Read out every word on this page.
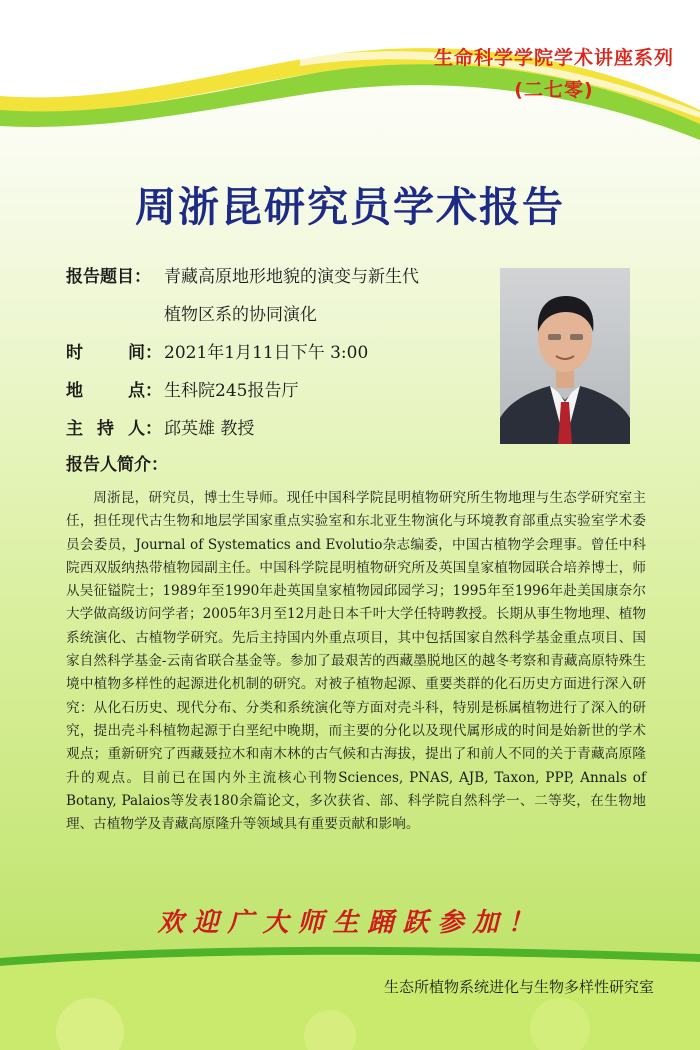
生命科学学院学术讲座系列
(二七零)
周浙昆研究员学术报告
报告题目： 青藏高原地形地貌的演变与新生代
植物区系的协同演化
时	间： 2021年1月11日下午 3:00
地	点： 生科院245报告厅
主 持 人： 邱英雄 教授
报告人简介：

周浙昆，研究员，博士生导师。现任中国科学院昆明植物研究所生物地理与生态学研究室主任，担任现代古生物和地层学国家重点实验室和东北亚生物演化与环境教育部重点实验室学术委员会委员，Journal of Systematics and Evolutio杂志编委，中国古植物学会理事。曾任中科院西双版纳热带植物园副主任。中国科学院昆明植物研究所及英国皇家植物园联合培养博士，师从吴征镒院士；1989年至1990年赴英国皇家植物园邱园学习；1995年至1996年赴美国康奈尔大学做高级访问学者；2005年3月至12月赴日本千叶大学任特聘教授。长期从事生物地理、植物系统演化、古植物学研究。先后主持国内外重点项目，其中包括国家自然科学基金重点项目、国家自然科学基金-云南省联合基金等。参加了最艰苦的西藏墨脱地区的越冬考察和青藏高原特殊生境中植物多样性的起源进化机制的研究。对被子植物起源、重要类群的化石历史方面进行深入研究：从化石历史、现代分布、分类和系统演化等方面对壳斗科，特别是栎属植物进行了深入的研究，提出壳斗科植物起源于白垩纪中晚期，而主要的分化以及现代属形成的时间是始新世的学术观点；重新研究了西藏聂拉木和南木林的古气候和古海拔，提出了和前人不同的关于青藏高原隆升的观点。目前已在国内外主流核心刊物Sciences, PNAS, AJB, Taxon, PPP, Annals of Botany, Palaios等发表180余篇论文，多次获省、部、科学院自然科学一、二等奖，在生物地理、古植物学及青藏高原隆升等领域具有重要贡献和影响。

欢迎广大师生踊跃参加！
生态所植物系统进化与生物多样性研究室
